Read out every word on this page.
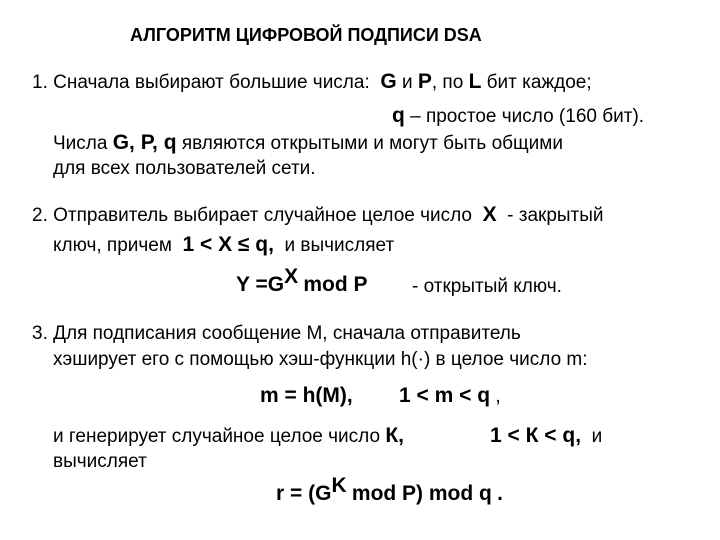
АЛГОРИТМ ЦИФРОВОЙ ПОДПИСИ DSA
1. Сначала выбирают большие числа: G и P, по L бит каждое;
q – простое число (160 бит).
Числа G, P, q являются открытыми и могут быть общими
для всех пользователей сети.
2. Отправитель выбирает случайное целое число X - закрытый
ключ, причем 1 < X ≤ q, и вычисляет
$Y =G^X$ mod P - открытый ключ.
3. Для подписания сообщение М, сначала отправитель
хэширует его с помощью хэш-функции h(·) в целое число m:
m = h(M), 1 < m < q ,
и генерирует случайное целое число К,	1 < К < q, и
вычисляет
$r = (G^K$ mod P) mod q .
